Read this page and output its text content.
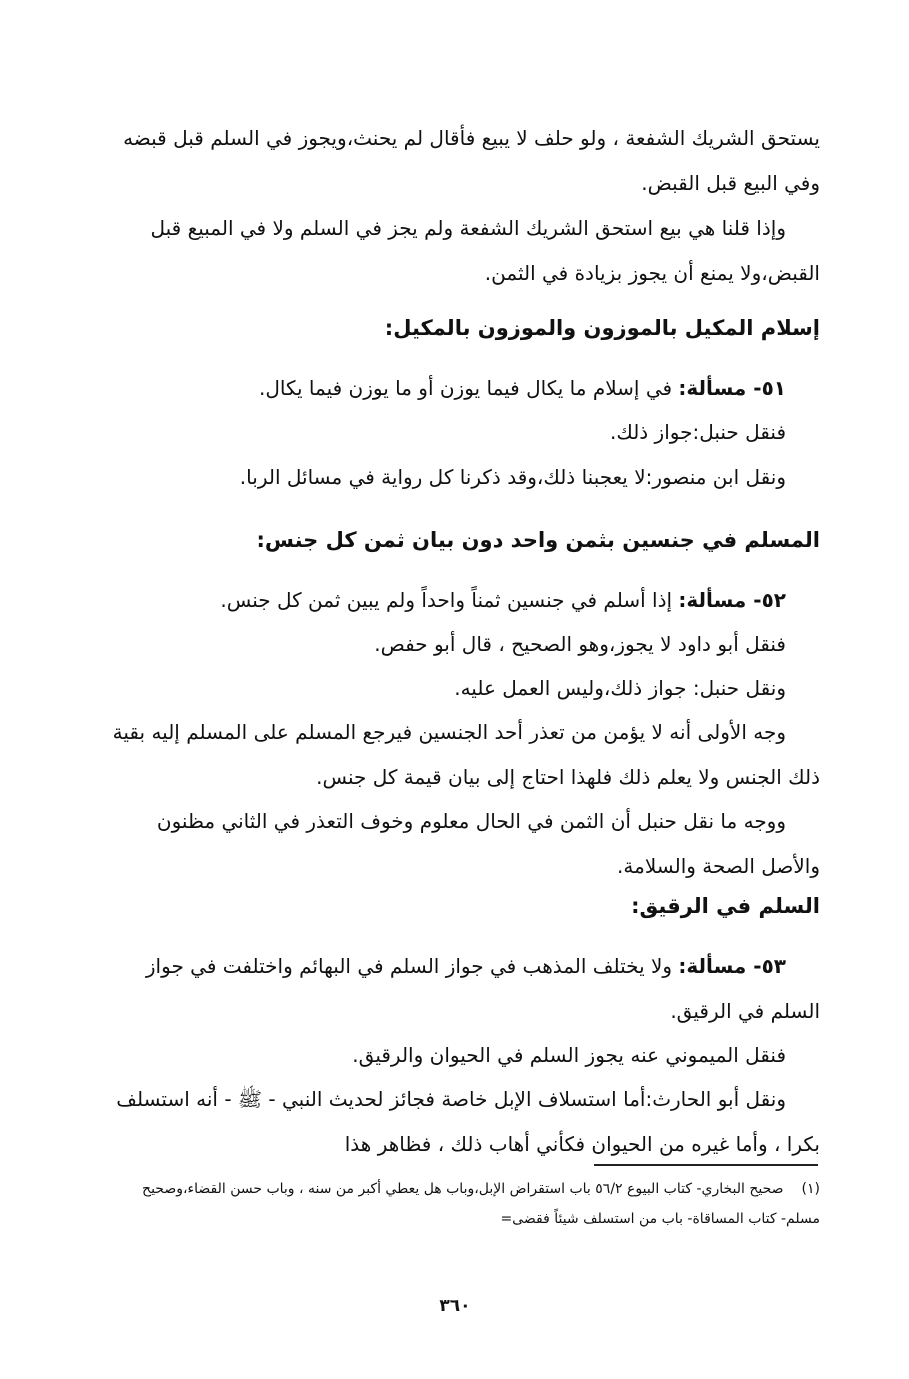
يستحق الشريك الشفعة ، ولو حلف لا يبيع فأقال لم يحنث،ويجوز في السلم قبل قبضه وفي البيع قبل القبض.

وإذا قلنا هي بيع استحق الشريك الشفعة ولم يجز في السلم ولا في المبيع قبل القبض،ولا يمنع أن يجوز بزيادة في الثمن.

إسلام المكيل بالموزون والموزون بالمكيل:

٥١- مسألة: في إسلام ما يكال فيما يوزن أو ما يوزن فيما يكال.

فنقل حنبل:جواز ذلك.

ونقل ابن منصور:لا يعجبنا ذلك،وقد ذكرنا كل رواية في مسائل الربا.

المسلم في جنسين بثمن واحد دون بيان ثمن كل جنس:

٥٢- مسألة: إذا أسلم في جنسين ثمناً واحداً ولم يبين ثمن كل جنس.

فنقل أبو داود لا يجوز،وهو الصحيح ، قال أبو حفص.

ونقل حنبل: جواز ذلك،وليس العمل عليه.

وجه الأولى أنه لا يؤمن من تعذر أحد الجنسين فيرجع المسلم على المسلم إليه بقية ذلك الجنس ولا يعلم ذلك فلهذا احتاج إلى بيان قيمة كل جنس.

ووجه ما نقل حنبل أن الثمن في الحال معلوم وخوف التعذر في الثاني مظنون والأصل الصحة والسلامة.

السلم في الرقيق:

٥٣- مسألة: ولا يختلف المذهب في جواز السلم في البهائم واختلفت في جواز السلم في الرقيق.

فنقل الميموني عنه يجوز السلم في الحيوان والرقيق.

ونقل أبو الحارث:أما استسلاف الإبل خاصة فجائز لحديث النبي - ﷺ - أنه استسلف بكرا ، وأما غيره من الحيوان فكأني أهاب ذلك ، فظاهر هذا

(١)صحيح البخاري- كتاب البيوع ٥٦/٢ باب استقراض الإبل،وباب هل يعطي أكبر من سنه ، وباب حسن القضاء،وصحيح مسلم- كتاب المساقاة- باب من استسلف شيئاً فقضى=
٣٦٠
